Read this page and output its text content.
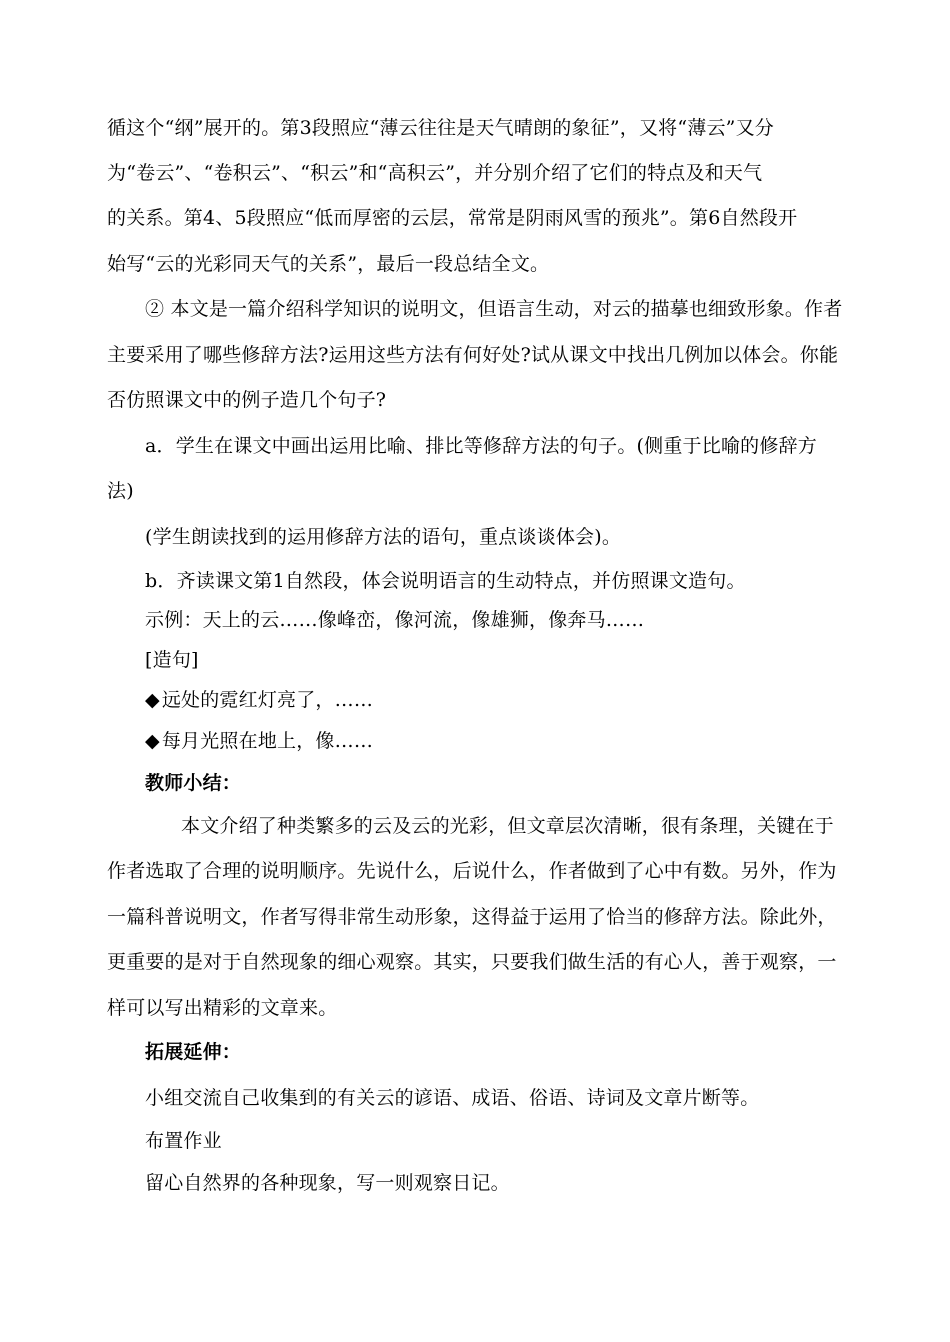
循这个“纲”展开的。第3段照应“薄云往往是天气晴朗的象征”，又将“薄云”又分
为“卷云”、“卷积云”、“积云”和“高积云”，并分别介绍了它们的特点及和天气
的关系。第4、5段照应“低而厚密的云层，常常是阴雨风雪的预兆”。第6自然段开
始写“云的光彩同天气的关系”，最后一段总结全文。
② 本文是一篇介绍科学知识的说明文，但语言生动，对云的描摹也细致形象。作者
主要采用了哪些修辞方法?运用这些方法有何好处?试从课文中找出几例加以体会。你能
否仿照课文中的例子造几个句子?
a．学生在课文中画出运用比喻、排比等修辞方法的句子。(侧重于比喻的修辞方
法)
(学生朗读找到的运用修辞方法的语句，重点谈谈体会)。
b．齐读课文第1自然段，体会说明语言的生动特点，并仿照课文造句。
示例：天上的云……像峰峦，像河流，像雄狮，像奔马……
[造句]
◆ 远处的霓红灯亮了，……
◆ 每月光照在地上，像……
教师小结：
本文介绍了种类繁多的云及云的光彩，但文章层次清晰，很有条理，关键在于
作者选取了合理的说明顺序。先说什么，后说什么，作者做到了心中有数。另外，作为
一篇科普说明文，作者写得非常生动形象，这得益于运用了恰当的修辞方法。除此外，
更重要的是对于自然现象的细心观察。其实，只要我们做生活的有心人，善于观察，一
样可以写出精彩的文章来。
拓展延伸：
小组交流自己收集到的有关云的谚语、成语、俗语、诗词及文章片断等。
布置作业
留心自然界的各种现象，写一则观察日记。
